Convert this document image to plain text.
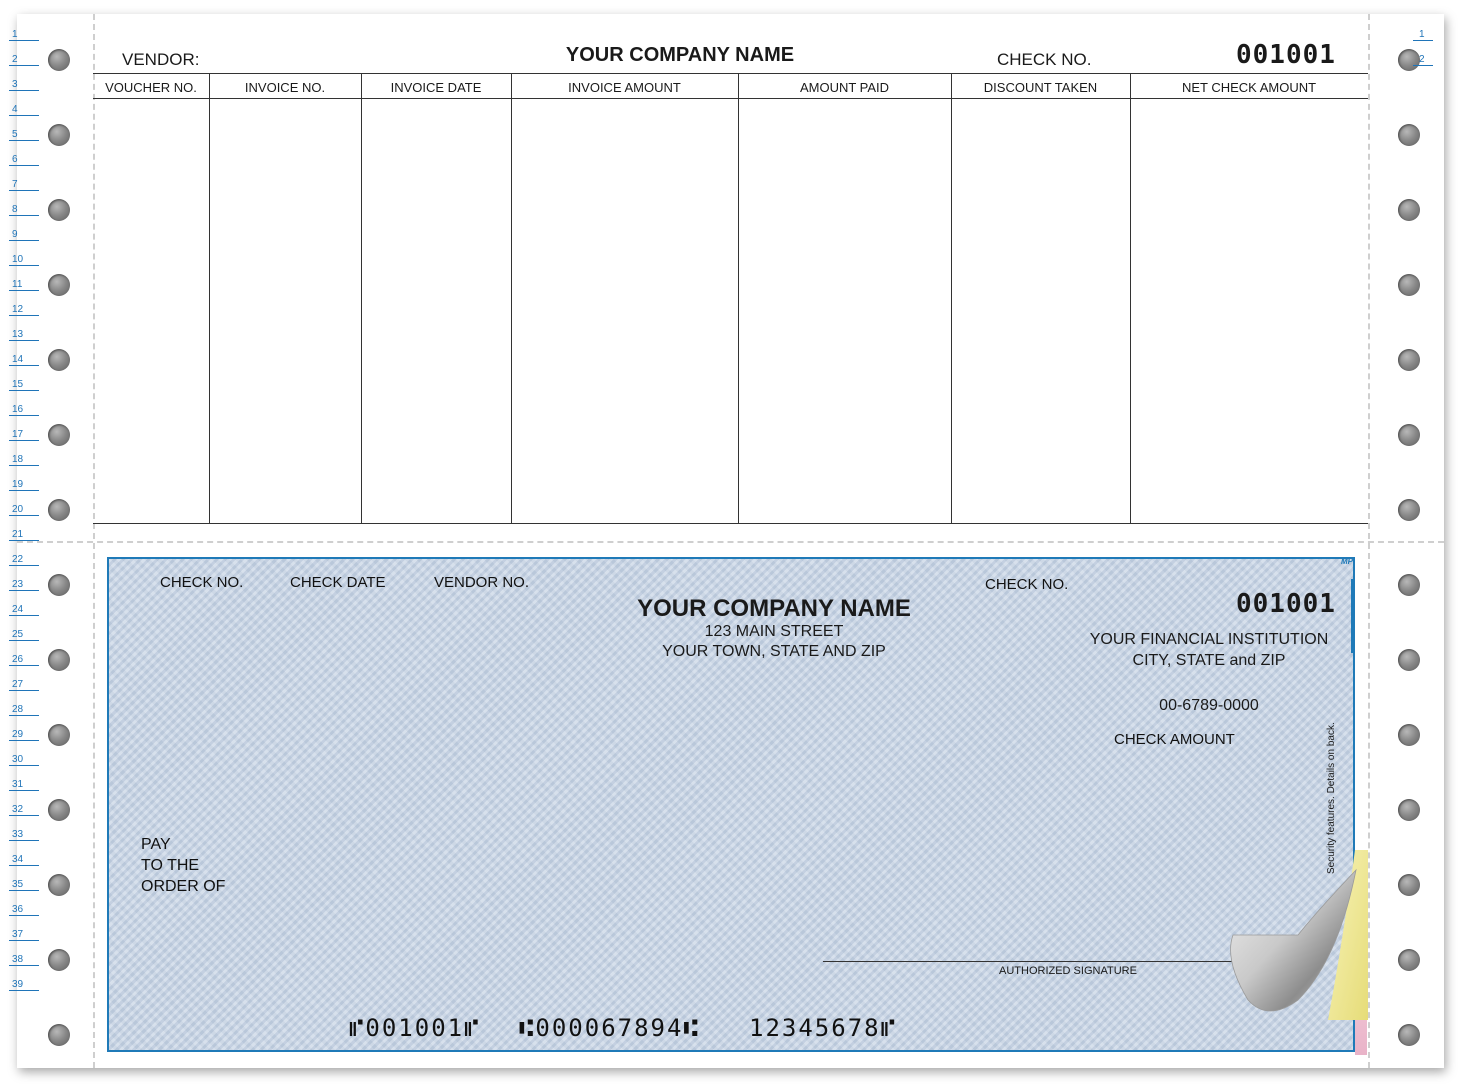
1
2
3
4
5
6
7
8
9
10
11
12
13
14
15
16
17
18
19
20
21
22
23
24
25
26
27
28
29
30
31
32
33
34
35
36
37
38
39
1
2
VENDOR:	YOUR COMPANY NAME	CHECK NO.	001001
VOUCHER NO.	INVOICE NO.	INVOICE DATE	INVOICE AMOUNT	AMOUNT PAID	DISCOUNT TAKEN	NET CHECK AMOUNT
MP
CHECK NO.	CHECK DATE	VENDOR NO.	CHECK NO.
001001
YOUR COMPANY NAME
123 MAIN STREET
YOUR TOWN, STATE AND ZIP
YOUR FINANCIAL INSTITUTION
CITY, STATE and ZIP
00-6789-0000
CHECK AMOUNT
PAY
TO THE
ORDER OF
AUTHORIZED SIGNATURE
Security features. Details on back.
⑈001001⑈ ⑆000067894⑆ 12345678⑈
